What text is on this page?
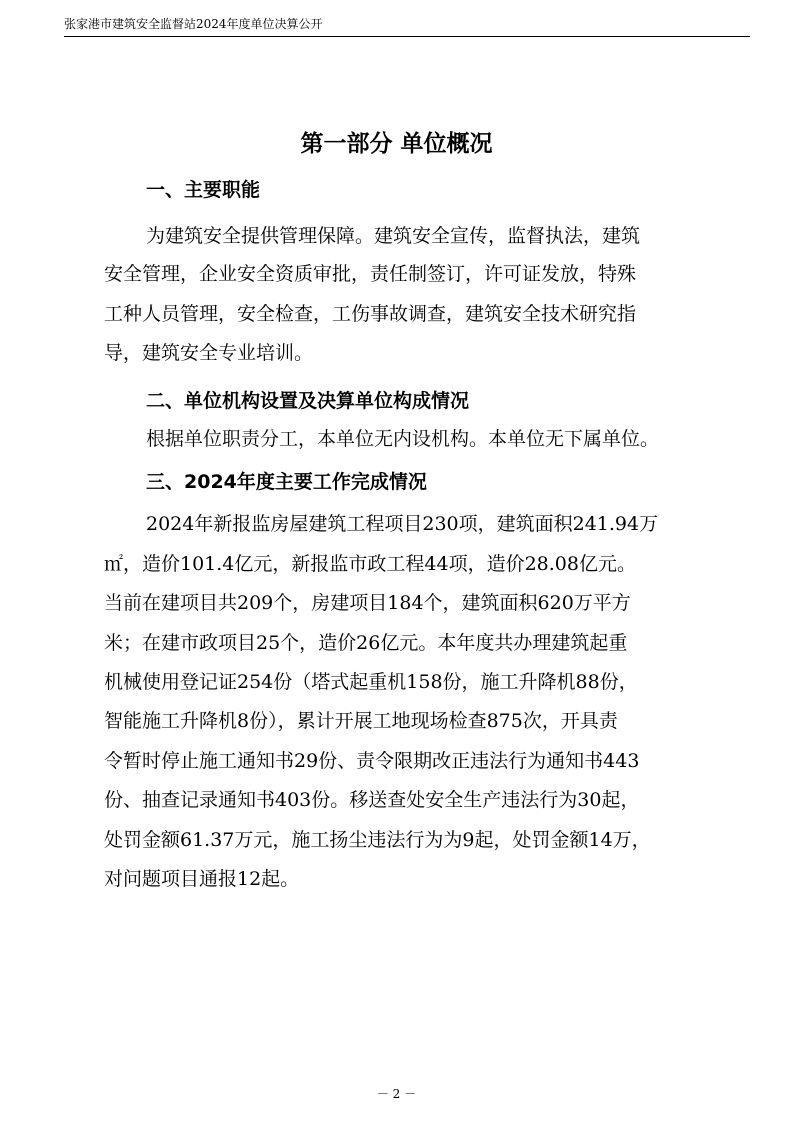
张家港市建筑安全监督站2024年度单位决算公开
第一部分 单位概况
一、主要职能
为建筑安全提供管理保障。建筑安全宣传，监督执法，建筑
安全管理，企业安全资质审批，责任制签订，许可证发放，特殊
工种人员管理，安全检查，工伤事故调查，建筑安全技术研究指
导，建筑安全专业培训。
二、单位机构设置及决算单位构成情况
根据单位职责分工，本单位无内设机构。本单位无下属单位。
三、2024年度主要工作完成情况
2024年新报监房屋建筑工程项目230项，建筑面积241.94万
㎡，造价101.4亿元，新报监市政工程44项，造价28.08亿元。
当前在建项目共209个，房建项目184个，建筑面积620万平方
米；在建市政项目25个，造价26亿元。本年度共办理建筑起重
机械使用登记证254份（塔式起重机158份，施工升降机88份，
智能施工升降机8份），累计开展工地现场检查875次，开具责
令暂时停止施工通知书29份、责令限期改正违法行为通知书443
份、抽查记录通知书403份。移送查处安全生产违法行为30起，
处罚金额61.37万元，施工扬尘违法行为为9起，处罚金额14万，
对问题项目通报12起。
－ 2 －
